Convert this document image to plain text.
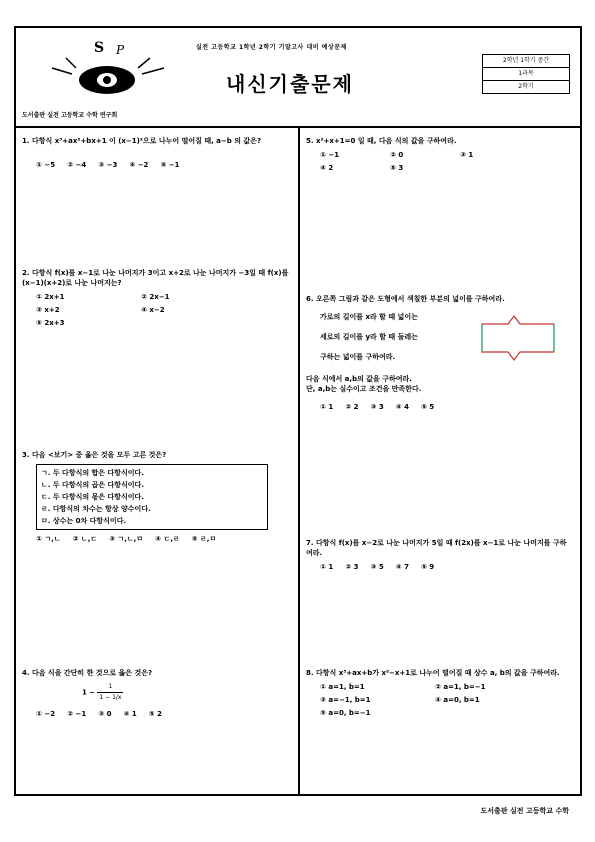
S P
도서출판 실전 고등학교 수학 연구회
실전 고등학교 1학년 2학기 기말고사 대비 예상문제
내신기출문제
2학년 1학기 중간
1과목
2학기
1. 다항식 x³+ax²+bx+1 이 (x−1)²으로 나누어 떨어질 때, a−b 의 값은?
① −5 ② −4 ③ −3 ④ −2 ⑤ −1
2. 다항식 f(x)를 x−1로 나눈 나머지가 3이고 x+2로 나눈 나머지가 −3일 때 f(x)를 (x−1)(x+2)로 나눈 나머지는?
① 2x+1	② 2x−1
③ x+2	④ x−2
⑤ 2x+3
3. 다음 <보기> 중 옳은 것을 모두 고른 것은?
ㄱ. 두 다항식의 합은 다항식이다.
ㄴ. 두 다항식의 곱은 다항식이다.
ㄷ. 두 다항식의 몫은 다항식이다.
ㄹ. 다항식의 차수는 항상 양수이다.
ㅁ. 상수는 0차 다항식이다.
① ㄱ,ㄴ ② ㄴ,ㄷ ③ ㄱ,ㄴ,ㅁ ④ ㄷ,ㄹ ⑤ ㄹ,ㅁ
4. 다음 식을 간단히 한 것으로 옳은 것은?
$1 - \frac{1}{1 - 1/x}$
① −2 ② −1 ③ 0 ④ 1 ⑤ 2
5. x²+x+1=0 일 때, 다음 식의 값을 구하여라.
① −1	② 0	③ 1
④ 2	⑤ 3
6. 오른쪽 그림과 같은 도형에서 색칠한 부분의 넓이를 구하여라.
가로의 길이를 x라 할 때 넓이는
세로의 길이를 y라 할 때 둘레는
구하는 넓이를 구하여라.
다음 식에서 a,b의 값을 구하여라.
단, a,b는 실수이고 조건을 만족한다.
① 1 ② 2 ③ 3 ④ 4 ⑤ 5
7. 다항식 f(x)를 x−2로 나눈 나머지가 5일 때 f(2x)를 x−1로 나눈 나머지를 구하여라.
① 1 ② 3 ③ 5 ④ 7 ⑤ 9
8. 다항식 x³+ax+b가 x²−x+1로 나누어 떨어질 때 상수 a, b의 값을 구하여라.
① a=1, b=1	② a=1, b=−1
③ a=−1, b=1	④ a=0, b=1
⑤ a=0, b=−1
도서출판 실전 고등학교 수학
